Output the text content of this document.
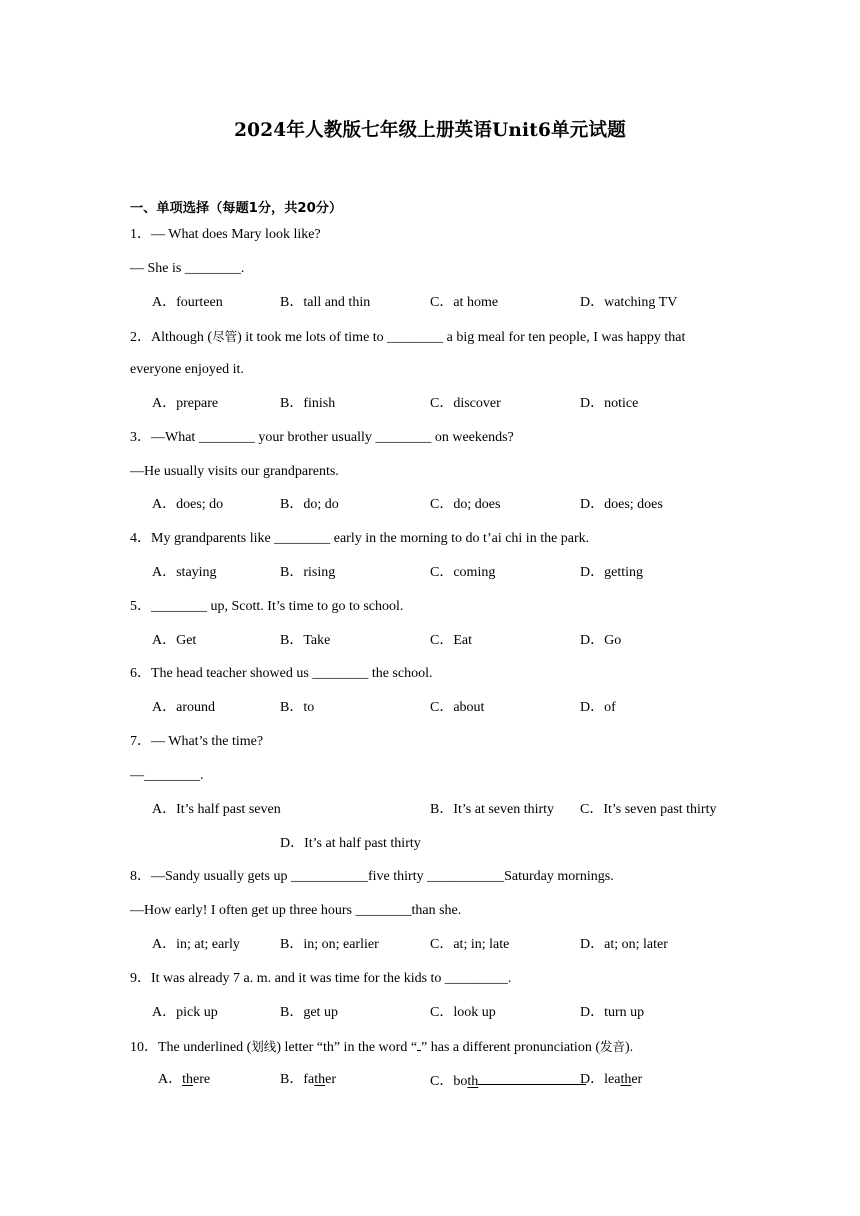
2024年人教版七年级上册英语Unit6单元试题
一、单项选择（每题1分，共20分）
1．— What does Mary look like?
— She is ________.
A．fourteen	B．tall and thin	C．at home	D．watching TV
2．Although (尽管) it took me lots of time to ________ a big meal for ten people, I was happy that
everyone enjoyed it.
A．prepare	B．finish	C．discover	D．notice
3．—What ________ your brother usually ________ on weekends?
—He usually visits our grandparents.
A．does; do	B．do; do	C．do; does	D．does; does
4．My grandparents like ________ early in the morning to do t’ai chi in the park.
A．staying	B．rising	C．coming	D．getting
5．________ up, Scott. It’s time to go to school.
A．Get	B．Take	C．Eat	D．Go
6．The head teacher showed us ________ the school.
A．around	B．to	C．about	D．of
7．— What’s the time?
—________.
A．It’s half past seven	B．It’s at seven thirty C．It’s seven past thirty
D．It’s at half past thirty
8．—Sandy usually gets up ___________five thirty ___________Saturday mornings.
—How early! I often get up three hours ________than she.
A．in; at; early	B．in; on; earlier	C．at; in; late	D．at; on; later
9．It was already 7 a. m. and it was time for the kids to _________.
A．pick up	B．get up	C．look up	D．turn up
10．The underlined (划线) letter “th” in the word “ ” has a different pronunciation (发音).
A．there	B．father	C．both	D．leather
